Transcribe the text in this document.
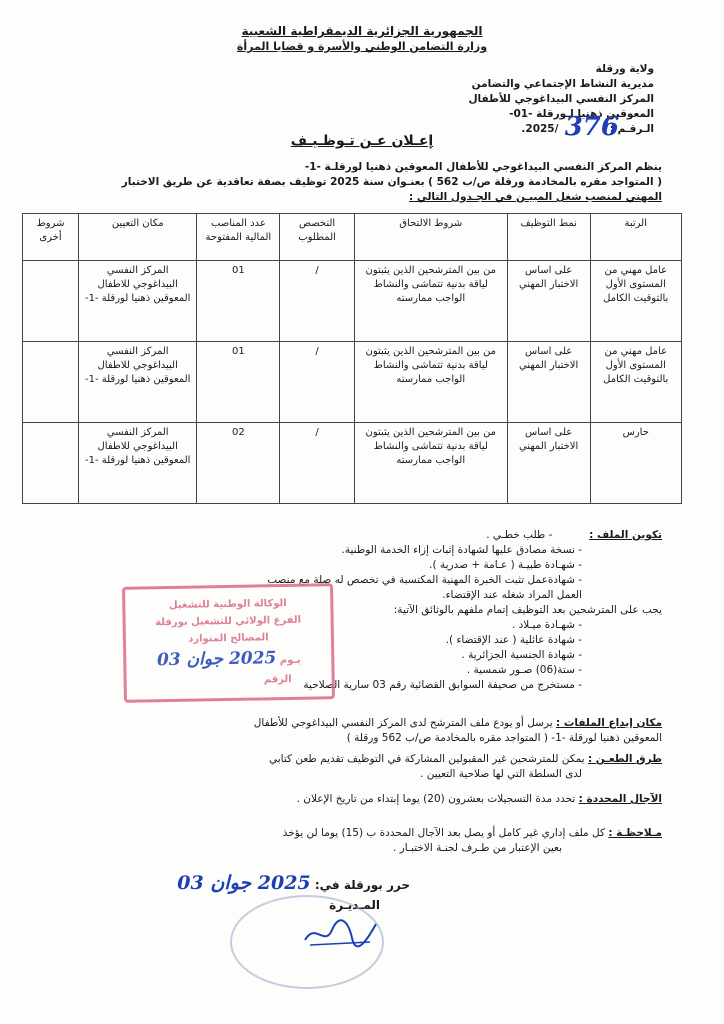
الجمهورية الجزائرية الديمقراطية الشعبية
وزارة التضامن الوطني والأسرة و قضايا المرأة
ولاية ورقلة
مديرية النشاط الإجتماعي والتضامن
المركز النفسي البيداغوجي للأطفال
المعوقين ذهنيا لـورقلة -01-
الـرقـم :  /2025. 376
إعـلان عـن تـوظـيـف
ينظم المركز النفسي البيداغوجي للأطفال المعوقين ذهنيا لورقلـة -1-
( المتواجد مقره بالمخادمة ورقلة ص/ب 562 ) بعنـوان سنة 2025 توظيف بصفة تعاقدية عن طريق الاختبار
المهني لمنصب شغل المبيـن في الجـدول التالي :
الرتبة	نمط التوظيف	شروط الالتحاق	التخصص المطلوب	عدد المناصب المالية المفتوحة	مكان التعيين	شروط أخرى
عامل مهني من المستوى الأول بالتوقيت الكامل	على اساس الاختبار المهني	من بين المترشحين الذين يثبتون لياقة بدنية تتماشى والنشاط الواجب ممارسته	/	01	المركز النفسي البيداغوجي للاطفال المعوقين ذهنيا لورقلة -1-	
عامل مهني من المستوى الأول بالتوقيت الكامل	على اساس الاختبار المهني	من بين المترشحين الذين يثبتون لياقة بدنية تتماشى والنشاط الواجب ممارسته	/	01	المركز النفسي البيداغوجي للاطفال المعوقين ذهنيا لورقلة -1-	
حارس	على اساس الاختبار المهني	من بين المترشحين الذين يثبتون لياقة بدنية تتماشى والنشاط الواجب ممارسته	/	02	المركز النفسي البيداغوجي للاطفال المعوقين ذهنيا لورقلة -1-	
تكوين الملف :  - طلب خطـي .
- نسخة مصادق عليها لشهادة إثبات إزاء الخدمة الوطنية.
- شهـادة طبيـة ( عـامة + صدرية ).
- شهادةعمل تثبت الخبرة المهنية المكتسبة في تخصص له صلة مع منصب
العمل المراد شغله عند الإقتضاء.
يجب على المترشحين بعد التوظيف إتمام ملفهم بالوثائق الآتية:
- شهـادة ميـلاد .
- شهادة عائلية ( عند الإقتضاء ).
- شهادة الجنسية الجزائرية .
- ستة(06) صـور شمسية .
- مستخرج من صحيفة السوابق القضائية رقم 03 سارية الصلاحية
الوكالة الوطنية للتشغيل
الفرع الولائي للتشغيل بورقلة
المصالح المنوارد
يـوم 2025 جوان 03
الرقم
مكان إيداع الملفات : يرسل أو يودع ملف المترشح لدى المركز النفسي البيداغوجي للأطفال
المعوقين ذهنيا لورقلة -1- ( المتواجد مقره بالمخادمة ص/ب 562 ورقلة )
طرق الطعـن : يمكن للمترشحين غير المقبولين المشاركة في التوظيف تقديم طعن كتابي
لدى السلطة التي لها صلاحية التعيين .
الآجال المحددة : تحدد مدة التسجيلات بعشرون (20) يوما إبتداء من تاريخ الإعلان .
مـلاحظـة : كل ملف إداري غير كامل أو يصل بعد الآجال المحددة ب (15) يوما لن يؤخذ
بعين الإعتبار من طـرف لجنـة الاختبـار .
حرر بورقلة في: 2025 جوان 03
المـديـرة
